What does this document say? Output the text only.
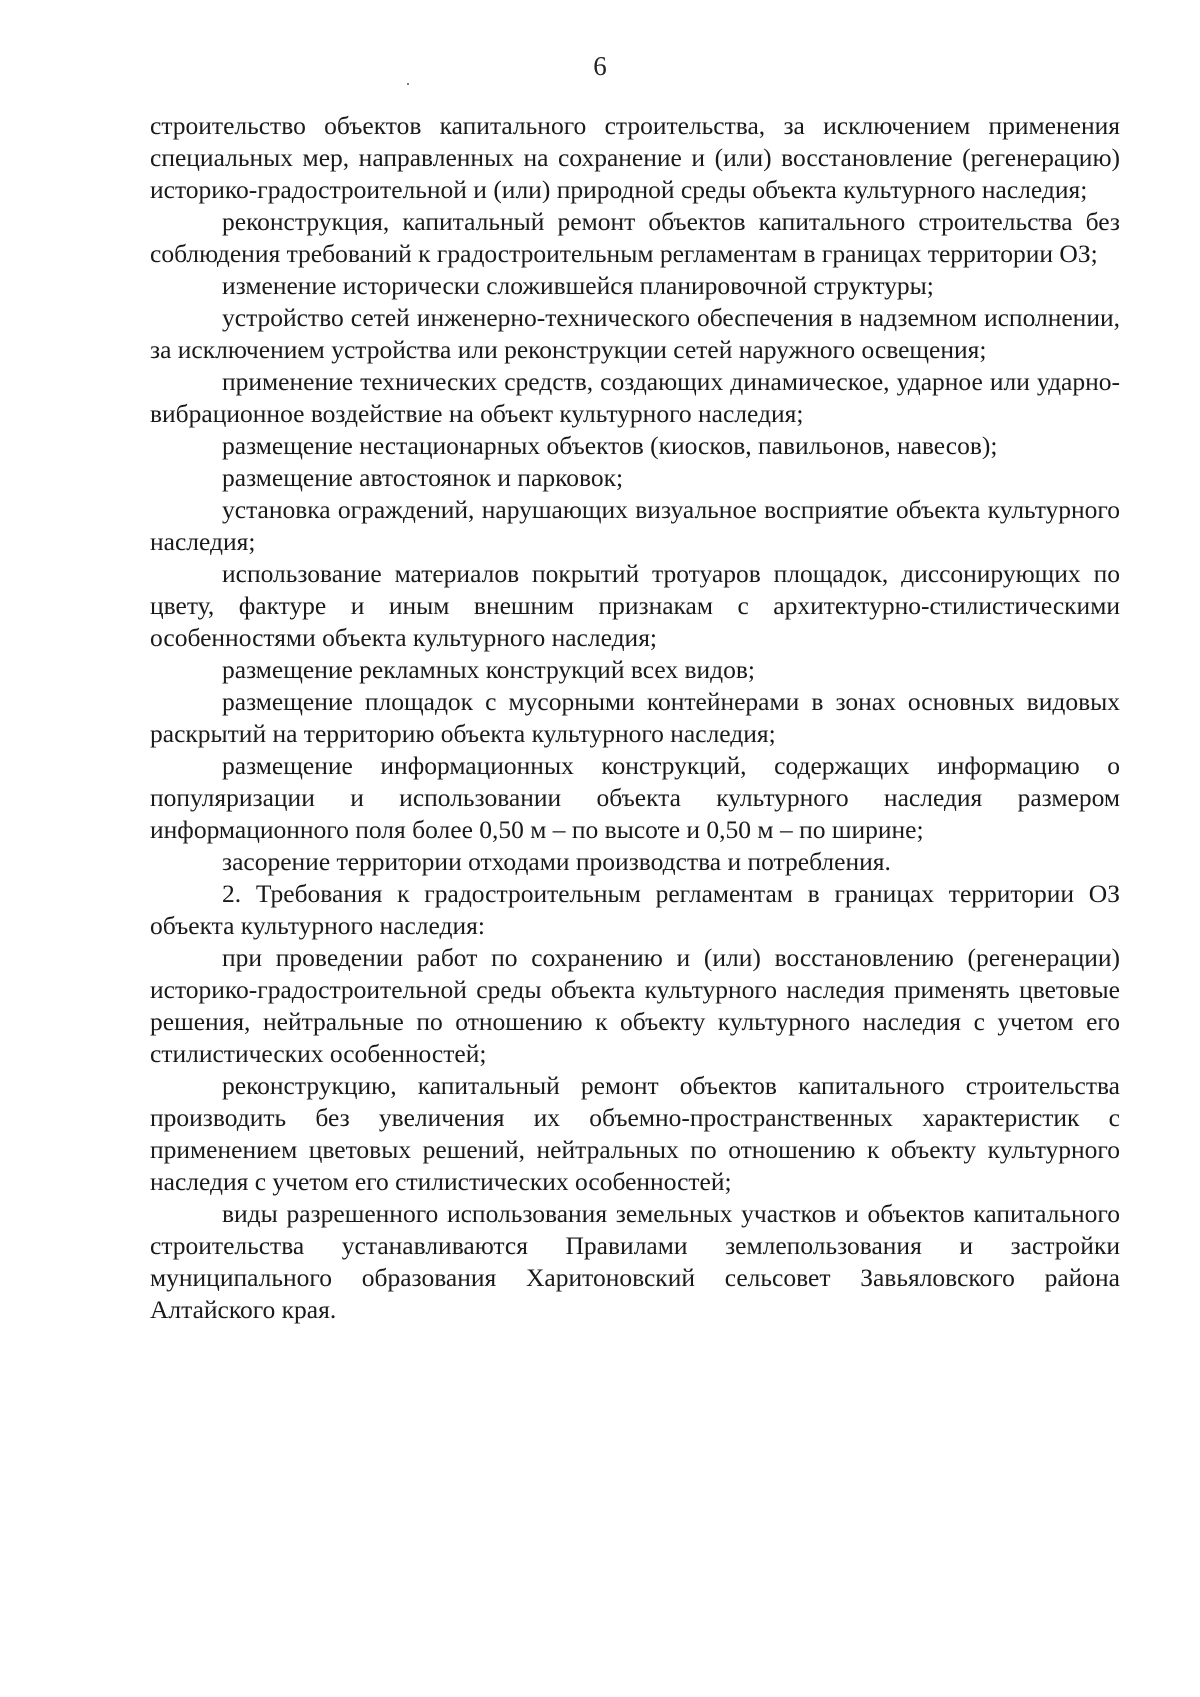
6

строительство объектов капитального строительства, за исключением применения специальных мер, направленных на сохранение и (или) восстановление (регенерацию) историко-градостроительной и (или) природной среды объекта культурного наследия;

реконструкция, капитальный ремонт объектов капитального строительства без соблюдения требований к градостроительным регламентам в границах территории ОЗ;

изменение исторически сложившейся планировочной структуры;

устройство сетей инженерно-технического обеспечения в надземном исполнении, за исключением устройства или реконструкции сетей наружного освещения;

применение технических средств, создающих динамическое, ударное или ударно-вибрационное воздействие на объект культурного наследия;

размещение нестационарных объектов (киосков, павильонов, навесов);

размещение автостоянок и парковок;

установка ограждений, нарушающих визуальное восприятие объекта культурного наследия;

использование материалов покрытий тротуаров площадок, диссонирующих по цвету, фактуре и иным внешним признакам с архитектурно-стилистическими особенностями объекта культурного наследия;

размещение рекламных конструкций всех видов;

размещение площадок с мусорными контейнерами в зонах основных видовых раскрытий на территорию объекта культурного наследия;

размещение информационных конструкций, содержащих информацию о популяризации и использовании объекта культурного наследия размером информационного поля более 0,50 м – по высоте и 0,50 м – по ширине;

засорение территории отходами производства и потребления.

2. Требования к градостроительным регламентам в границах территории ОЗ объекта культурного наследия:

при проведении работ по сохранению и (или) восстановлению (регенерации) историко-градостроительной среды объекта культурного наследия применять цветовые решения, нейтральные по отношению к объекту культурного наследия с учетом его стилистических особенностей;

реконструкцию, капитальный ремонт объектов капитального строительства производить без увеличения их объемно-пространственных характеристик с применением цветовых решений, нейтральных по отношению к объекту культурного наследия с учетом его стилистических особенностей;

виды разрешенного использования земельных участков и объектов капитального строительства устанавливаются Правилами землепользования и застройки муниципального образования Харитоновский сельсовет Завьяловского района Алтайского края.
